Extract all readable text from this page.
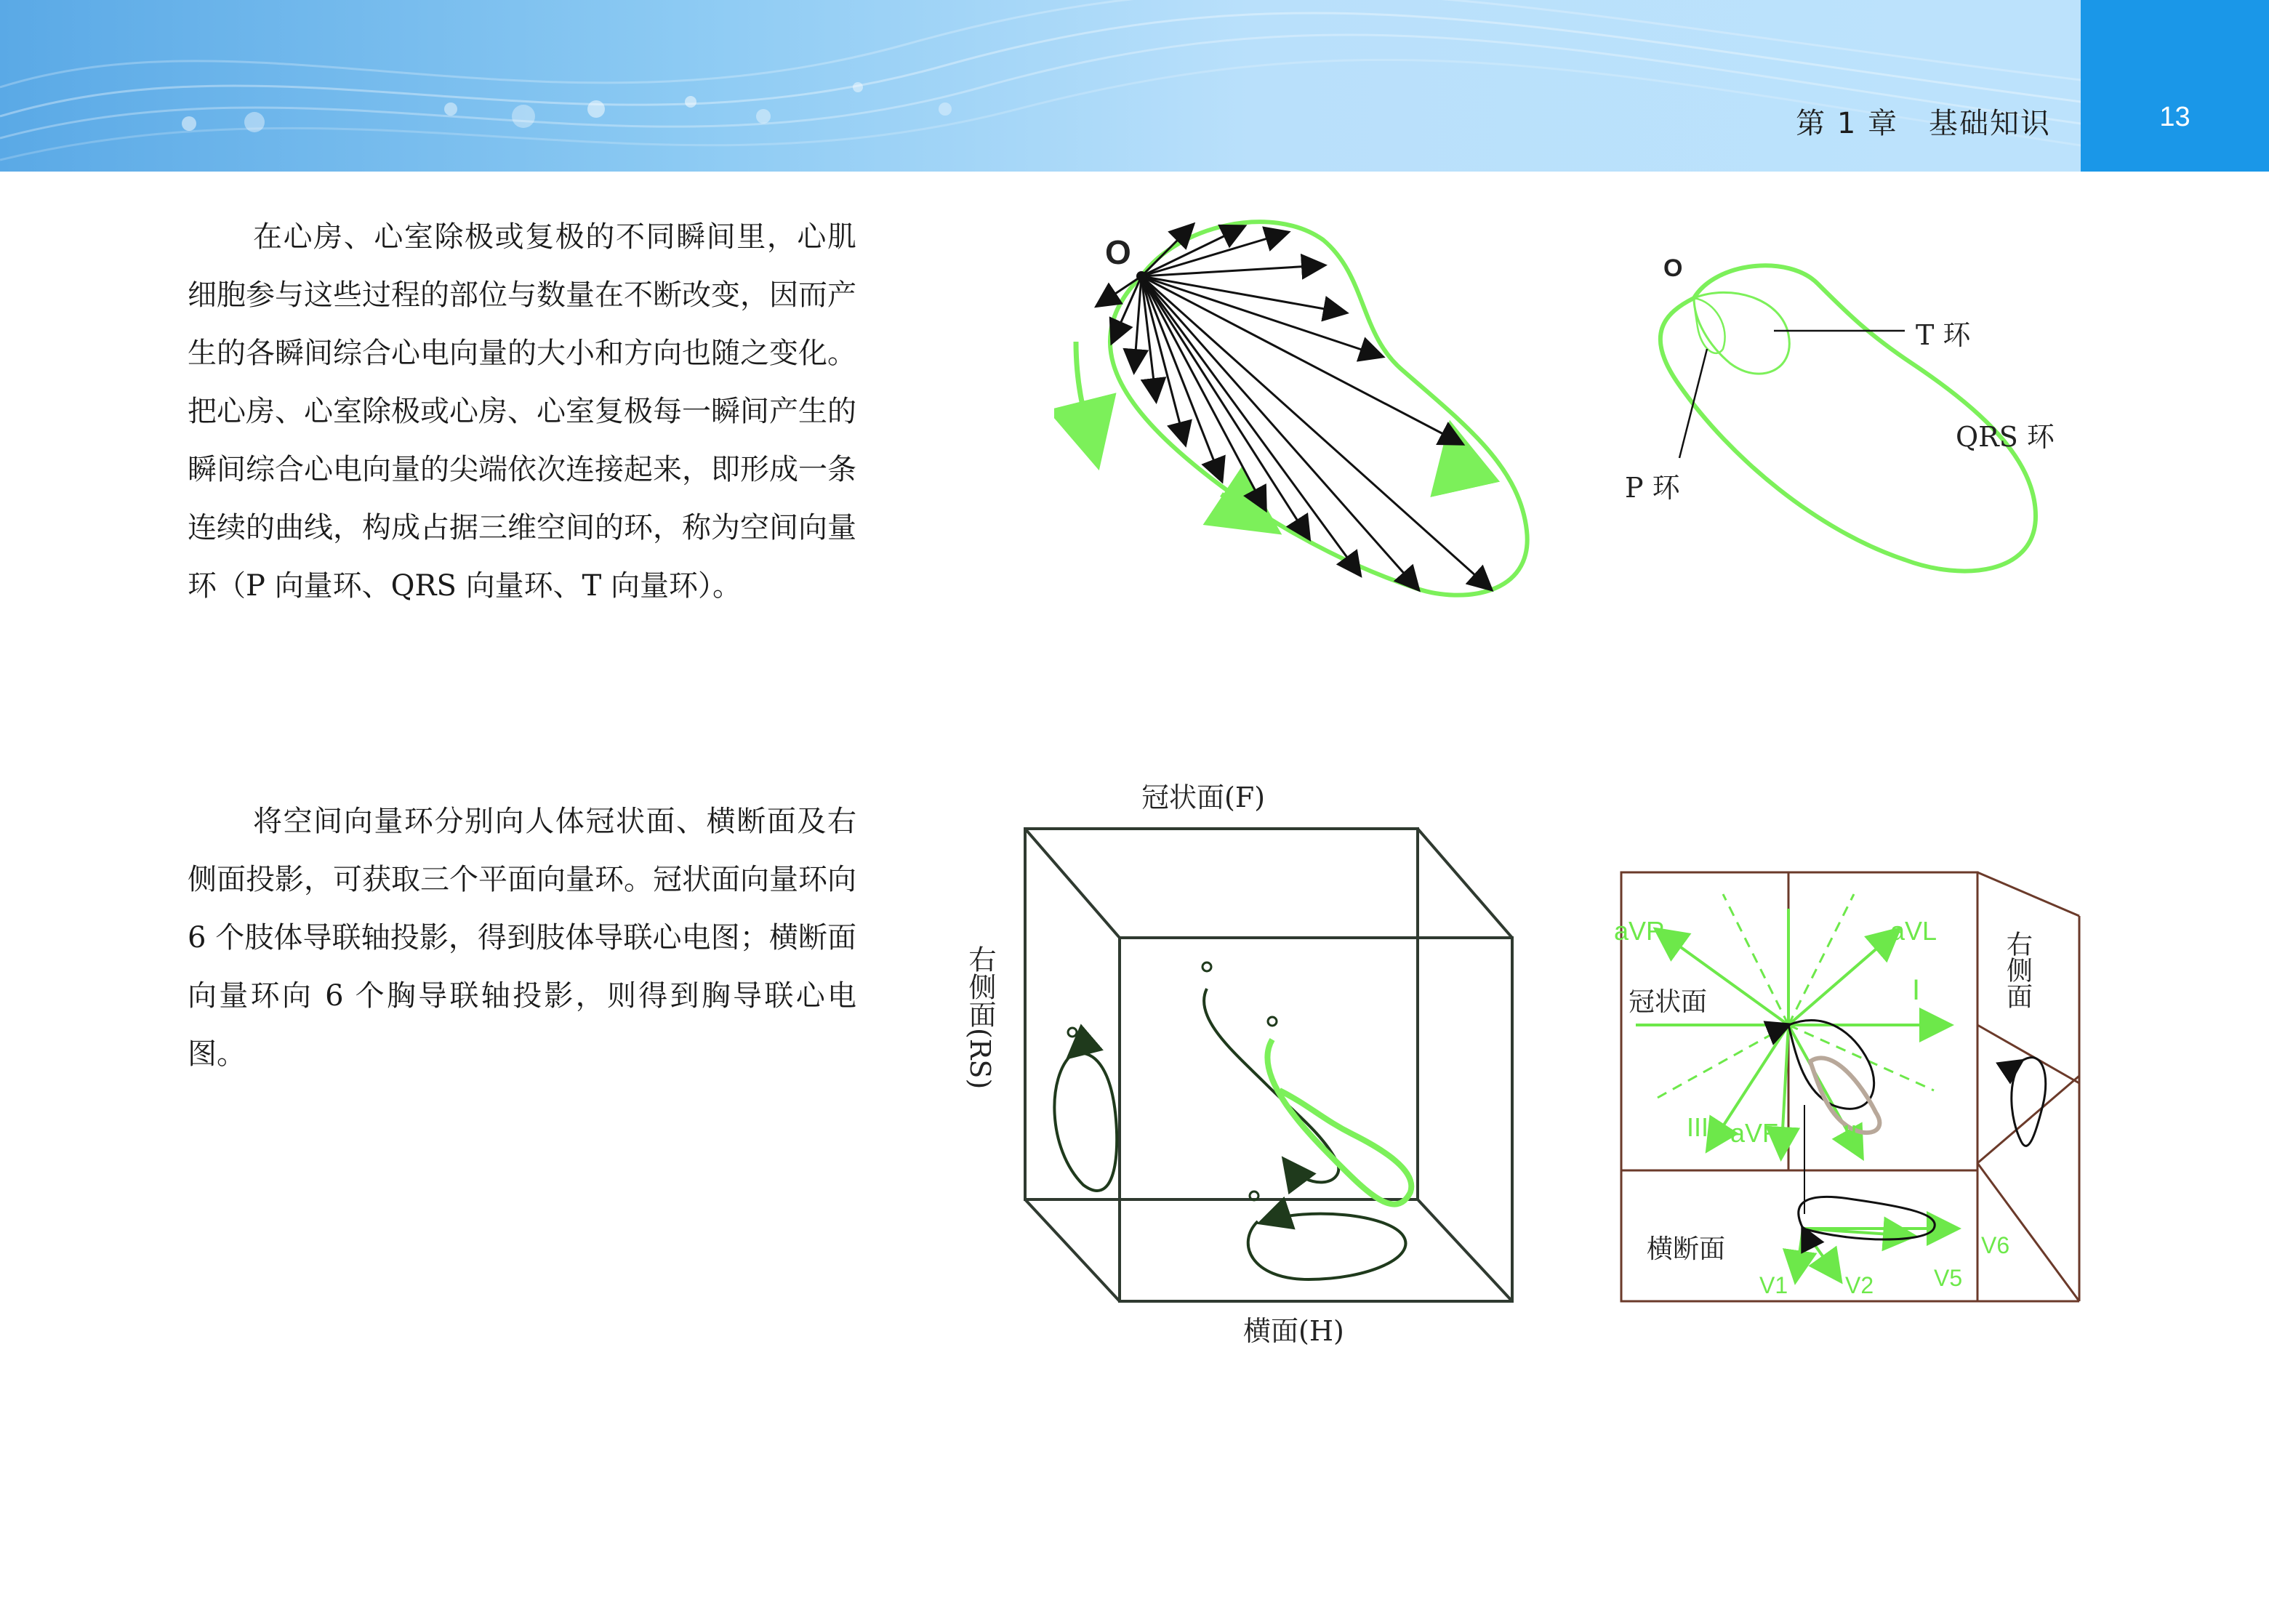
第 1 章　基础知识	13

在心房、心室除极或复极的不同瞬间里，心肌细胞参与这些过程的部位与数量在不断改变，因而产生的各瞬间综合心电向量的大小和方向也随之变化。把心房、心室除极或心房、心室复极每一瞬间产生的瞬间综合心电向量的尖端依次连接起来，即形成一条连续的曲线，构成占据三维空间的环，称为空间向量环（P 向量环、QRS 向量环、T 向量环）。

将空间向量环分别向人体冠状面、横断面及右侧面投影，可获取三个平面向量环。冠状面向量环向 6 个肢体导联轴投影，得到肢体导联心电图；横断面向量环向 6 个胸导联轴投影，则得到胸导联心电图。

O	O
T 环
QRS 环
P 环
冠状面(F)
右侧面(RS)
横面(H)
aVR	aVL
I
III aVF II
V1 V2	V5
V6
冠状面
横断面
右侧面
